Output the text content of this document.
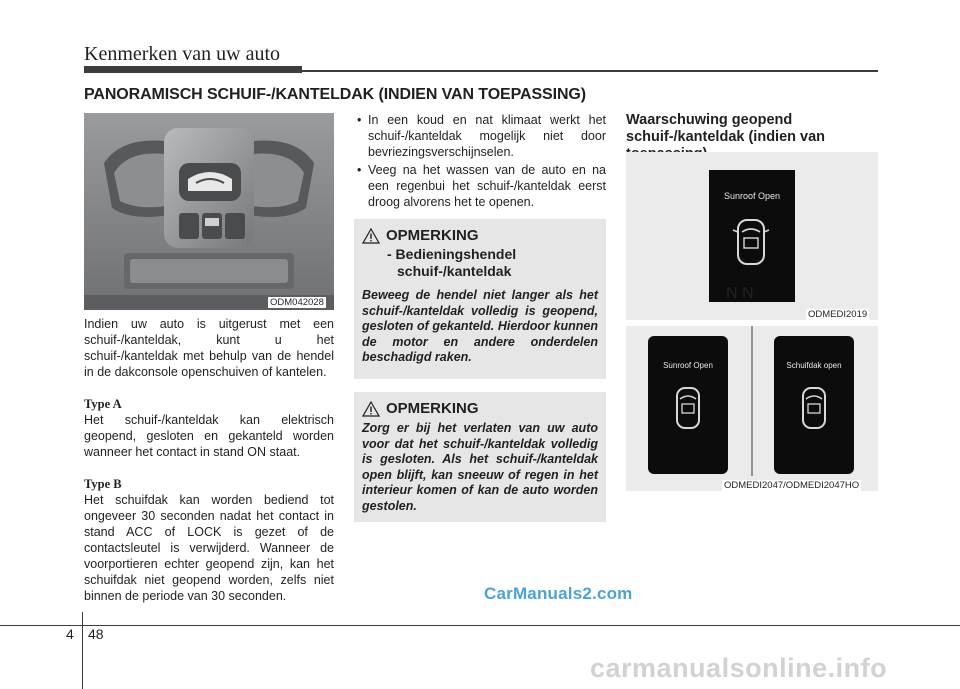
Kenmerken van uw auto
PANORAMISCH SCHUIF-/KANTELDAK (INDIEN VAN TOEPASSING)
ODM042028

Indien uw auto is uitgerust met een schuif-/kanteldak, kunt u het schuif-/kanteldak met behulp van de hendel in de dakconsole openschuiven of kantelen.

Type A

Het schuif-/kanteldak kan elektrisch geopend, gesloten en gekanteld worden wanneer het contact in stand ON staat.

Type B

Het schuifdak kan worden bediend tot ongeveer 30 seconden nadat het contact in stand ACC of LOCK is gezet of de contactsleutel is verwijderd. Wanneer de voorportieren echter geopend zijn, kan het schuifdak niet geopend worden, zelfs niet binnen de periode van 30 seconden.

• In een koud en nat klimaat werkt het schuif-/kanteldak mogelijk niet door bevriezingsverschijnselen.
• Veeg na het wassen van de auto en na een regenbui het schuif-/kanteldak eerst droog alvorens het te openen.
OPMERKING
- Bedieningshendel schuif-/kanteldak
Beweeg de hendel niet langer als het schuif-/kanteldak volledig is geopend, gesloten of gekanteld. Hierdoor kunnen de motor en andere onderdelen beschadigd raken.
OPMERKING
Zorg er bij het verlaten van uw auto voor dat het schuif-/kanteldak volledig is gesloten. Als het schuif-/kanteldak open blijft, kan sneeuw of regen in het interieur komen of kan de auto worden gestolen.
Waarschuwing geopend schuif-/kanteldak (indien van
Sunroof Open
N N
ODMEDI2019
Sunroof Open	Schuifdak open
ODMEDI2047/ODMEDI2047HO
CarManuals2.com
4 48
carmanualsonline.info
